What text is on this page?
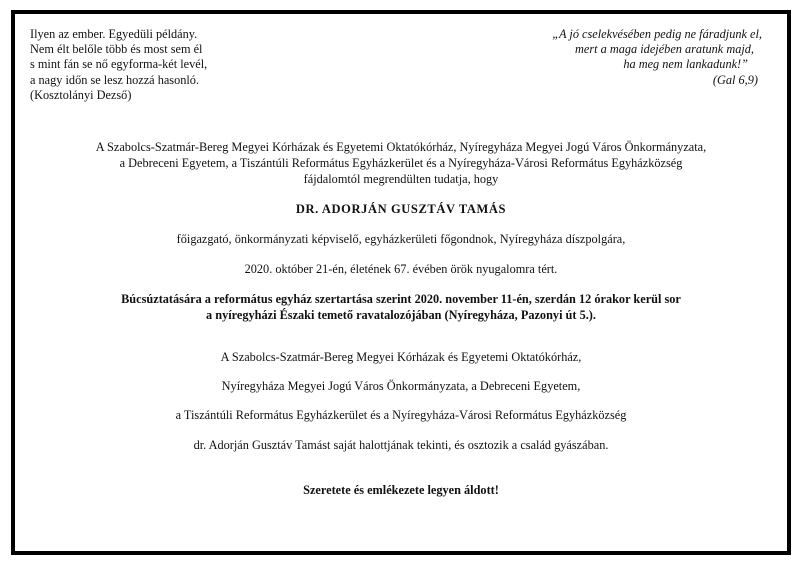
Ilyen az ember. Egyedüli példány.
Nem élt belőle több és most sem él
s mint fán se nő egyforma-két levél,
a nagy időn se lesz hozzá hasonló.
(Kosztolányi Dezső)
„A jó cselekvésében pedig ne fáradjunk el,
mert a maga idejében aratunk majd,
ha meg nem lankadunk!”
(Gal 6,9)
A Szabolcs-Szatmár-Bereg Megyei Kórházak és Egyetemi Oktatókórház, Nyíregyháza Megyei Jogú Város Önkormányzata,
a Debreceni Egyetem, a Tiszántúli Református Egyházkerület és a Nyíregyháza-Városi Református Egyházközség
fájdalomtól megrendülten tudatja, hogy
DR. ADORJÁN GUSZTÁV TAMÁS
főigazgató, önkormányzati képviselő, egyházkerületi főgondnok, Nyíregyháza díszpolgára,
2020. október 21-én, életének 67. évében örök nyugalomra tért.
Búcsúztatására a református egyház szertartása szerint 2020. november 11-én, szerdán 12 órakor kerül sor
a nyíregyházi Északi temető ravatalozójában (Nyíregyháza, Pazonyi út 5.).
A Szabolcs-Szatmár-Bereg Megyei Kórházak és Egyetemi Oktatókórház,
Nyíregyháza Megyei Jogú Város Önkormányzata, a Debreceni Egyetem,
a Tiszántúli Református Egyházkerület és a Nyíregyháza-Városi Református Egyházközség
dr. Adorján Gusztáv Tamást saját halottjának tekinti, és osztozik a család gyászában.
Szeretete és emlékezete legyen áldott!
